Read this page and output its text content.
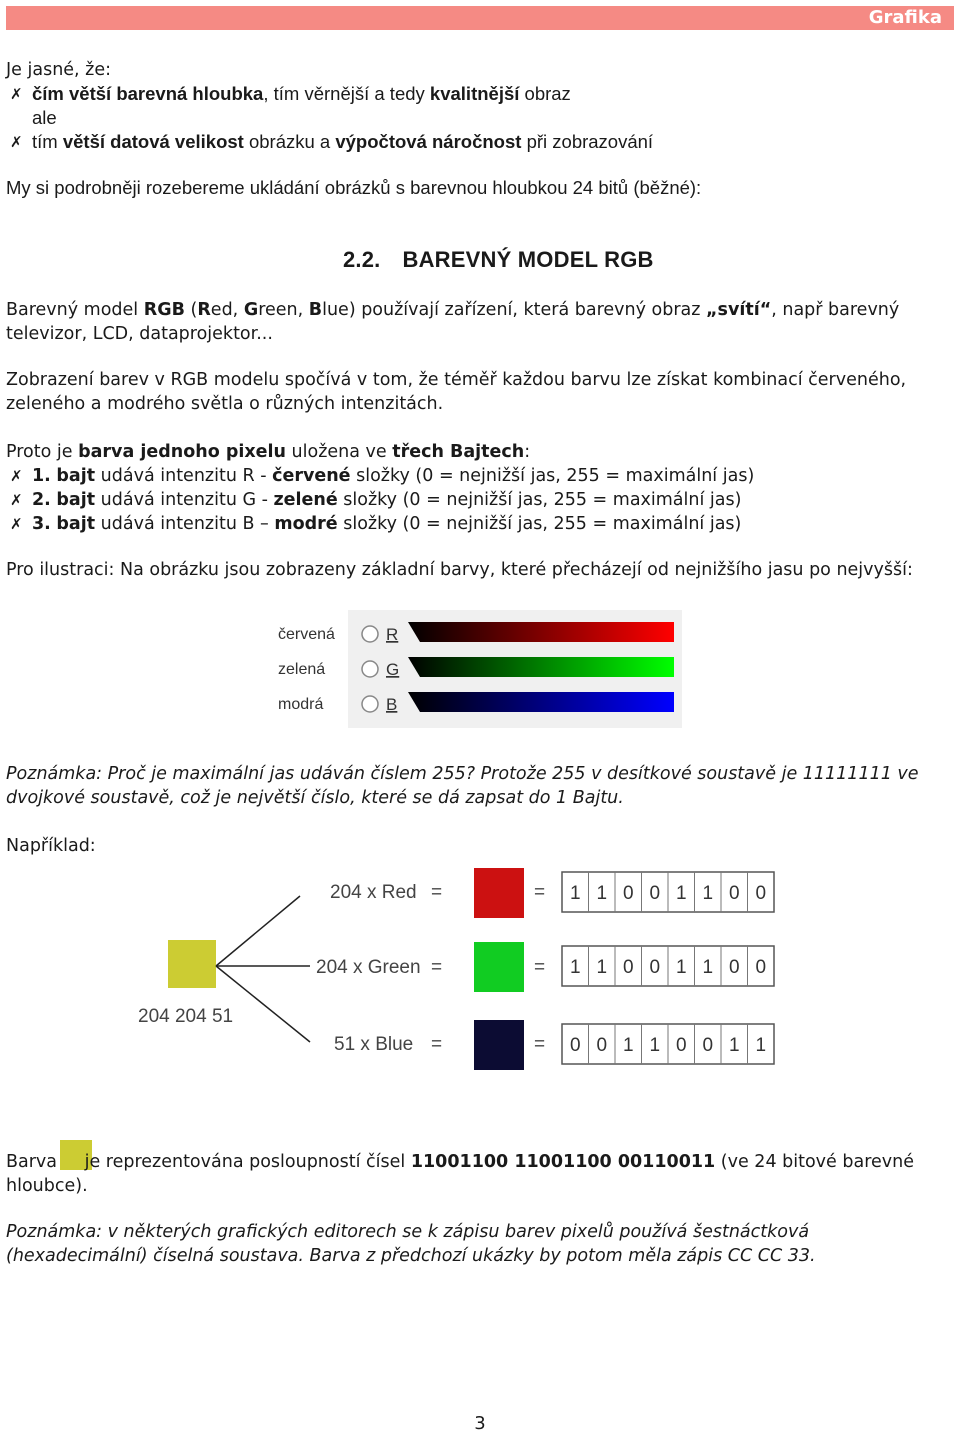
Grafika

Je jasné, že:

✗ čím větší barevná hloubka, tím věrnější a tedy kvalitnější obraz

ale

✗ tím větší datová velikost obrázku a výpočtová náročnost při zobrazování

My si podrobněji rozebereme ukládání obrázků s barevnou hloubkou 24 bitů (běžné):

2.2. BAREVNÝ MODEL RGB

Barevný model RGB (Red, Green, Blue) používají zařízení, která barevný obraz „svítí“, např barevný televizor, LCD, dataprojektor...

Zobrazení barev v RGB modelu spočívá v tom, že téměř každou barvu lze získat kombinací červeného, zeleného a modrého světla o různých intenzitách.

Proto je barva jednoho pixelu uložena ve třech Bajtech:

✗ 1. bajt udává intenzitu R - červené složky (0 = nejnižší jas, 255 = maximální jas)

✗ 2. bajt udává intenzitu G - zelené složky (0 = nejnižší jas, 255 = maximální jas)

✗ 3. bajt udává intenzitu B – modré složky (0 = nejnižší jas, 255 = maximální jas)

Pro ilustraci: Na obrázku jsou zobrazeny základní barvy, které přecházejí od nejnižšího jasu po nejvyšší:

červená	R
zelená	G
modrá	B

Poznámka: Proč je maximální jas udáván číslem 255? Protože 255 v desítkové soustavě je 11111111 ve dvojkové soustavě, což je největší číslo, které se dá zapsat do 1 Bajtu.

Například:

204 204 51
204 x Red =	= 1 1 0 0 1 1 0 0
204 x Green =	= 1 1 0 0 1 1 0 0
51 x Blue =	= 0 0 1 1 0 0 1 1

Barva je reprezentována posloupností čísel 11001100 11001100 00110011 (ve 24 bitové barevné hloubce).

Poznámka: v některých grafických editorech se k zápisu barev pixelů používá šestnáctková (hexadecimální) číselná soustava. Barva z předchozí ukázky by potom měla zápis CC CC 33.

3
